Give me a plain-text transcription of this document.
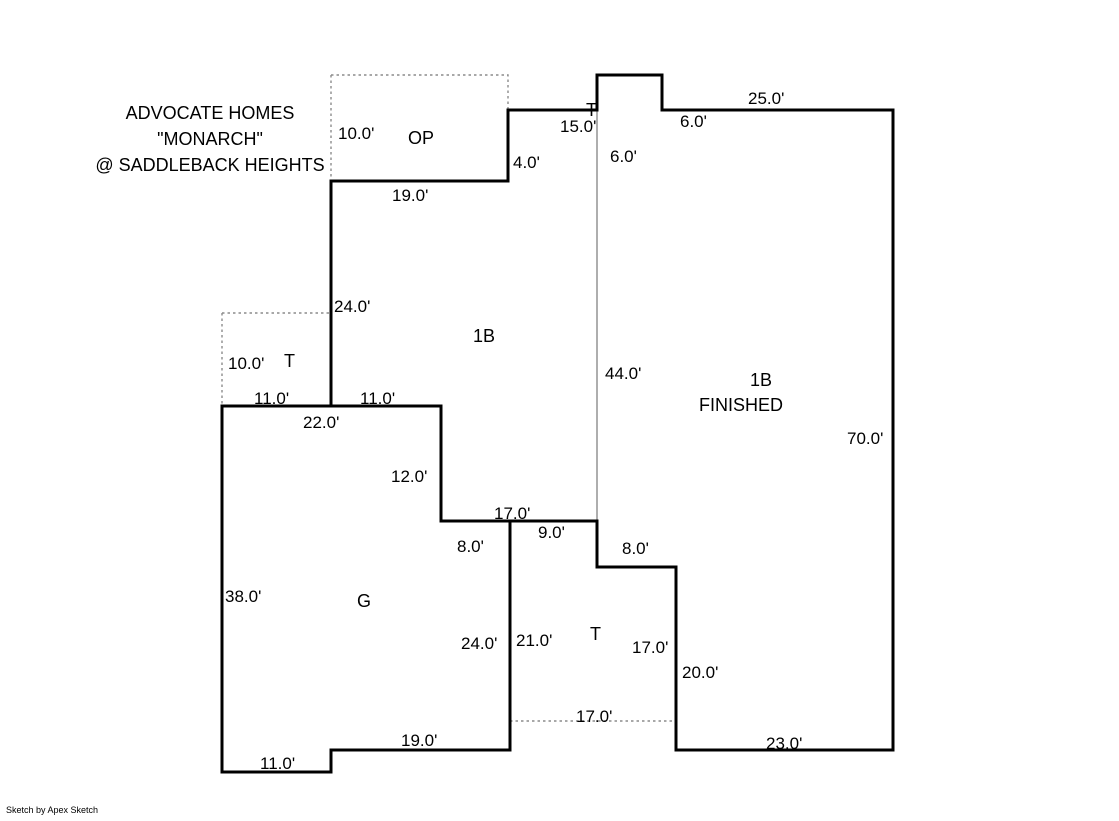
ADVOCATE HOMES
"MONARCH"
@ SADDLEBACK HEIGHTS
OP
T
1B
T
1B
FINISHED
G
T
10.0'
19.0'
4.0'
15.0'
6.0'
6.0'
25.0'
24.0'
44.0'
70.0'
10.0'
11.0'	11.0'
22.0'
12.0'
17.0'
9.0'
8.0'	8.0'
38.0'
24.0' 21.0'	17.0'
20.0'
17.0'
19.0'	23.0'
11.0'
Sketch by Apex Sketch
